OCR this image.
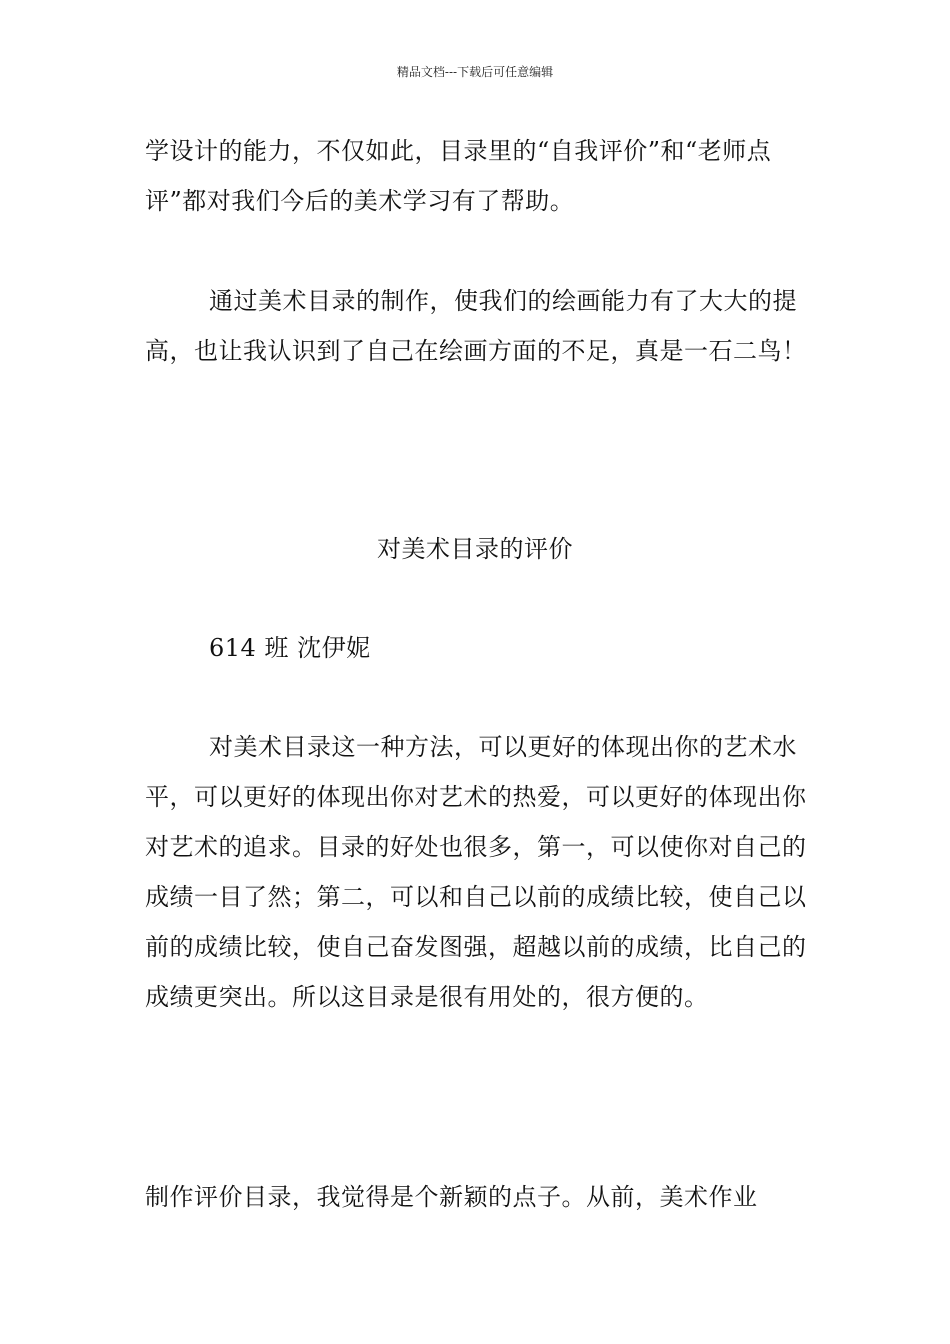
精品文档---下载后可任意编辑

学设计的能力，不仅如此，目录里的“自我评价”和“老师点评”都对我们今后的美术学习有了帮助。

通过美术目录的制作，使我们的绘画能力有了大大的提高，也让我认识到了自己在绘画方面的不足，真是一石二鸟！

对美术目录的评价

614 班 沈伊妮

对美术目录这一种方法，可以更好的体现出你的艺术水平，可以更好的体现出你对艺术的热爱，可以更好的体现出你对艺术的追求。目录的好处也很多，第一，可以使你对自己的成绩一目了然；第二，可以和自己以前的成绩比较，使自己以前的成绩比较，使自己奋发图强，超越以前的成绩，比自己的成绩更突出。所以这目录是很有用处的，很方便的。

制作评价目录，我觉得是个新颖的点子。从前，美术作业
